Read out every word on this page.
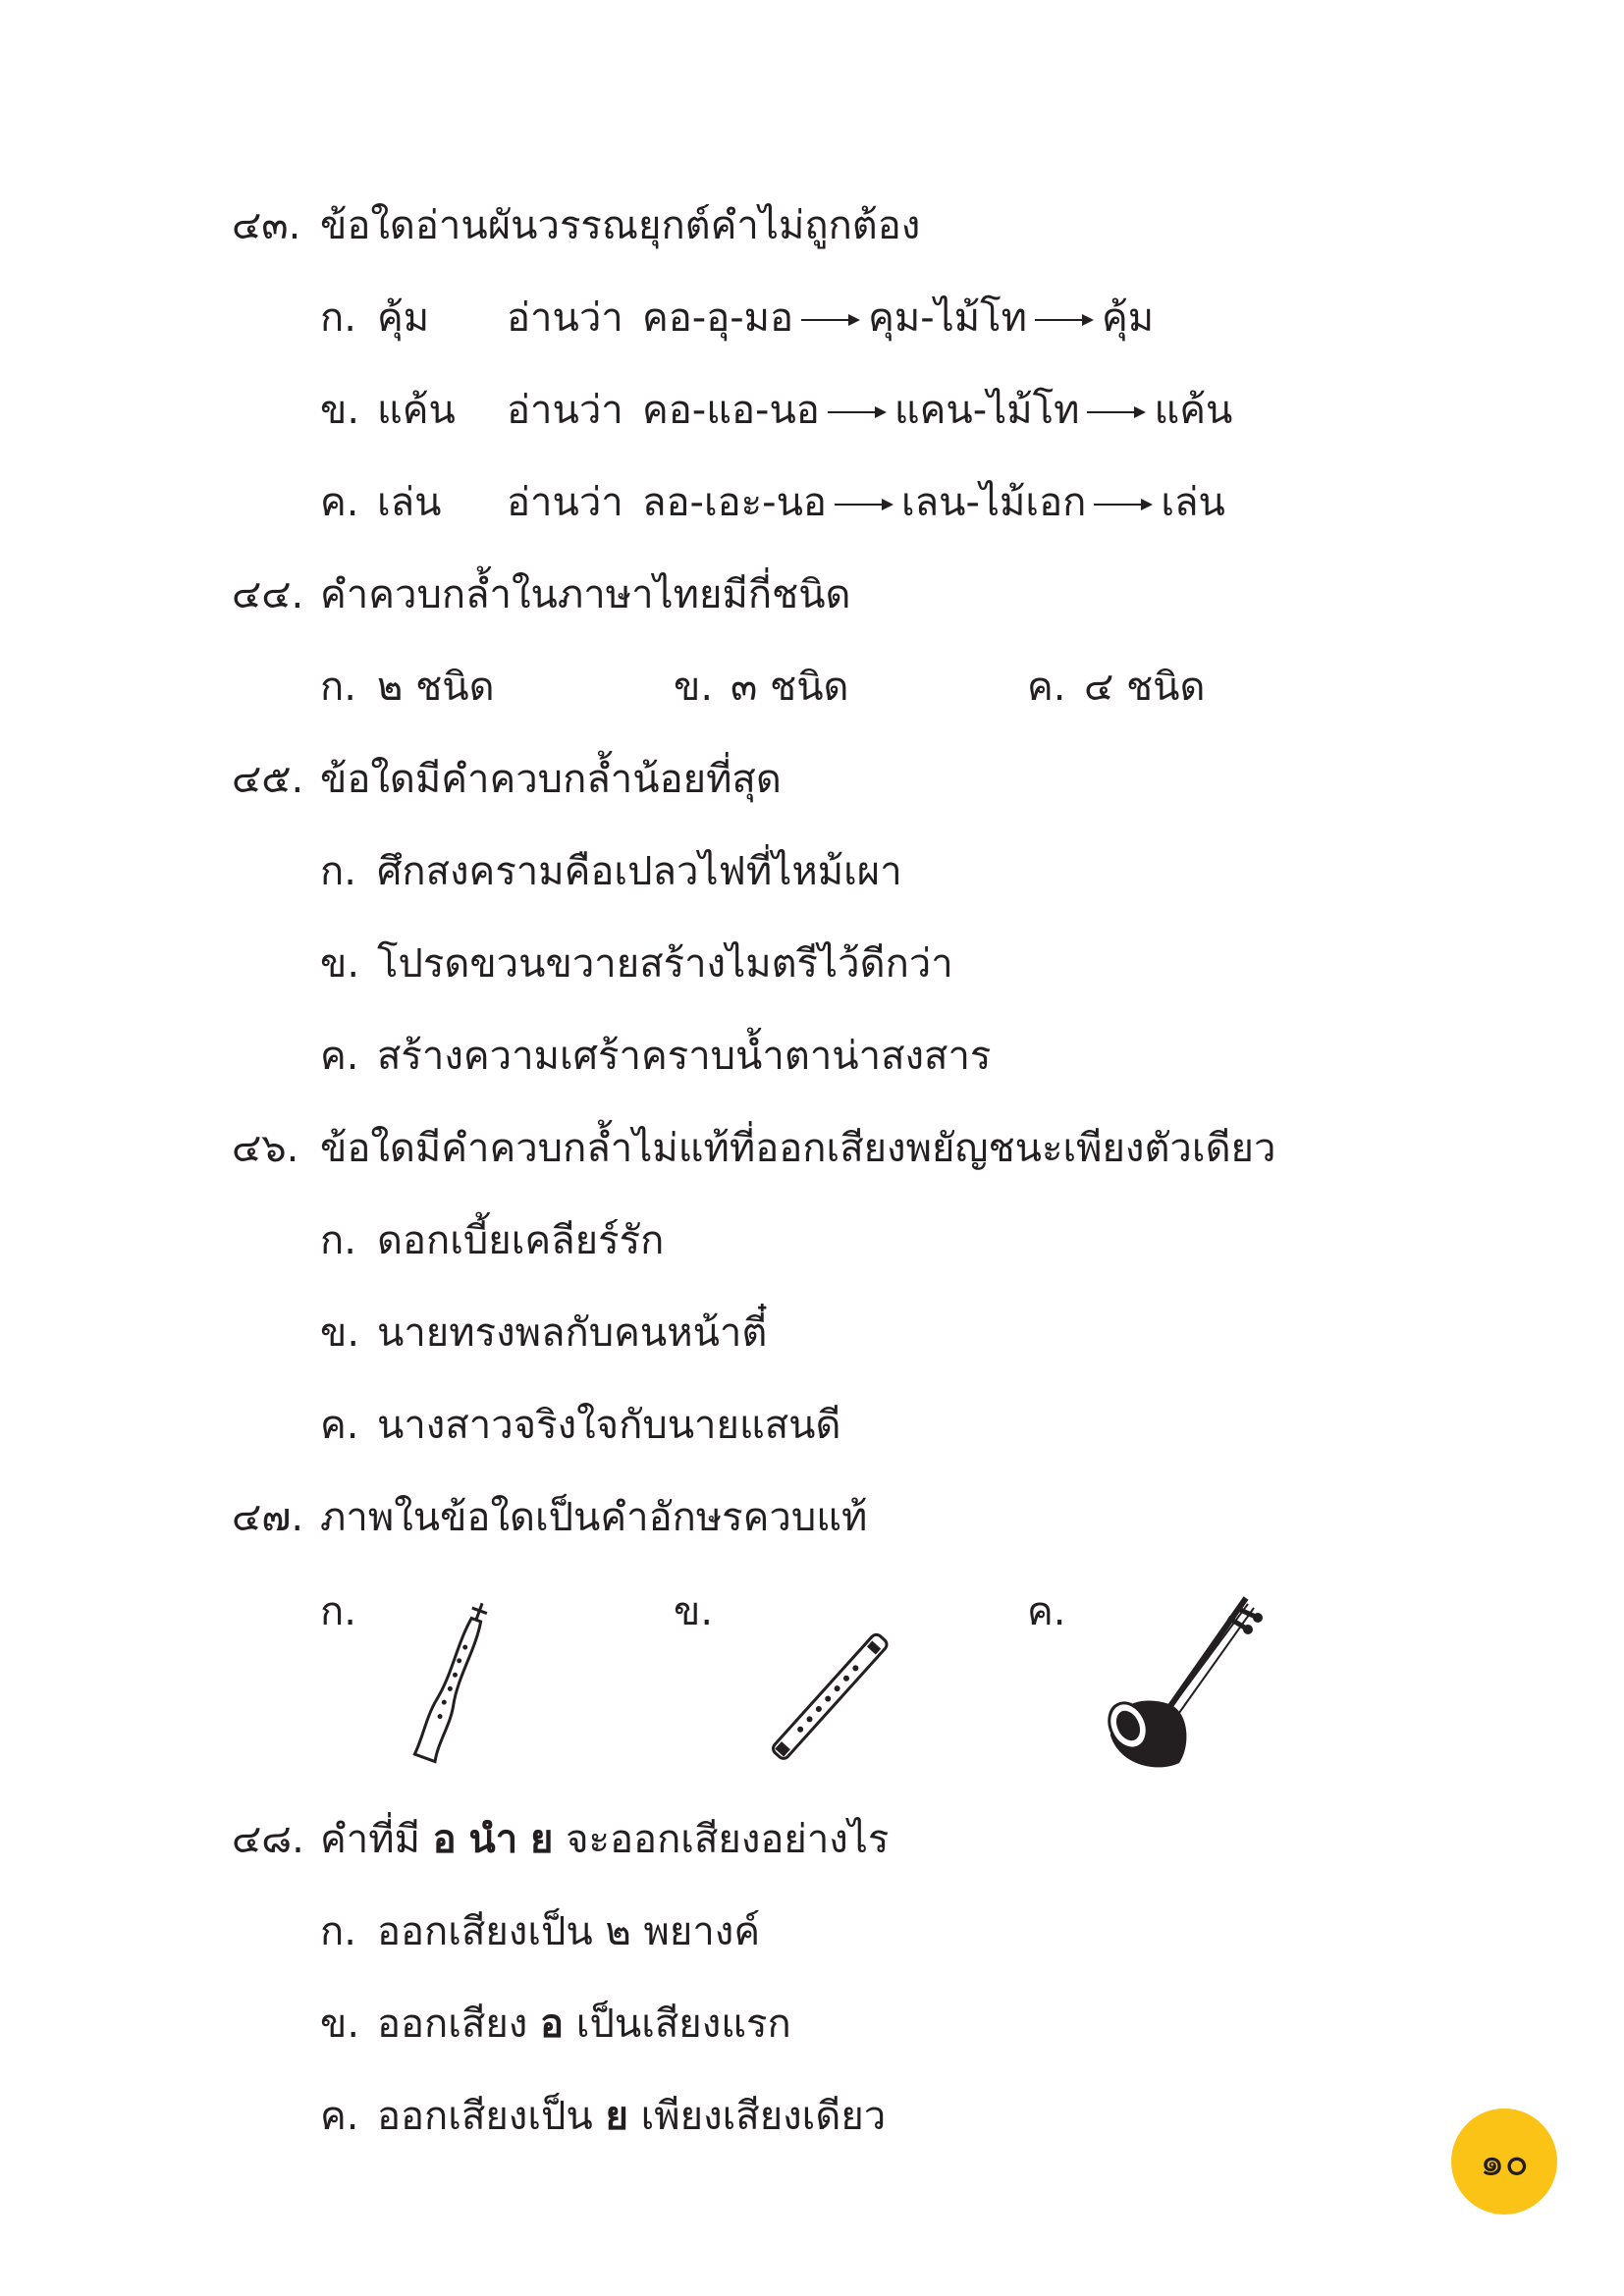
๔๓. ข้อใดอ่านผันวรรณยุกต์คำไม่ถูกต้อง
ก. คุ้ม อ่านว่า คอ-อุ-มอ คุม-ไม้โท คุ้ม
ข. แค้น อ่านว่า คอ-แอ-นอ แคน-ไม้โท แค้น
ค. เล่น อ่านว่า ลอ-เอะ-นอ เลน-ไม้เอก เล่น
๔๔. คำควบกล้ำในภาษาไทยมีกี่ชนิด
ก. ๒ ชนิด	ข. ๓ ชนิด	ค. ๔ ชนิด
๔๕. ข้อใดมีคำควบกล้ำน้อยที่สุด
ก. ศึกสงครามคือเปลวไฟที่ไหม้เผา
ข. โปรดขวนขวายสร้างไมตรีไว้ดีกว่า
ค. สร้างความเศร้าคราบน้ำตาน่าสงสาร
๔๖. ข้อใดมีคำควบกล้ำไม่แท้ที่ออกเสียงพยัญชนะเพียงตัวเดียว
ก. ดอกเบี้ยเคลียร์รัก
ข. นายทรงพลกับคนหน้าตี๋
ค. นางสาวจริงใจกับนายแสนดี
๔๗. ภาพในข้อใดเป็นคำอักษรควบแท้
ก.	ข.	ค.
๔๘. คำที่มี อ นำ ย จะออกเสียงอย่างไร
ก. ออกเสียงเป็น ๒ พยางค์
ข. ออกเสียง อ เป็นเสียงแรก
ค. ออกเสียงเป็น ย เพียงเสียงเดียว
๑๐
